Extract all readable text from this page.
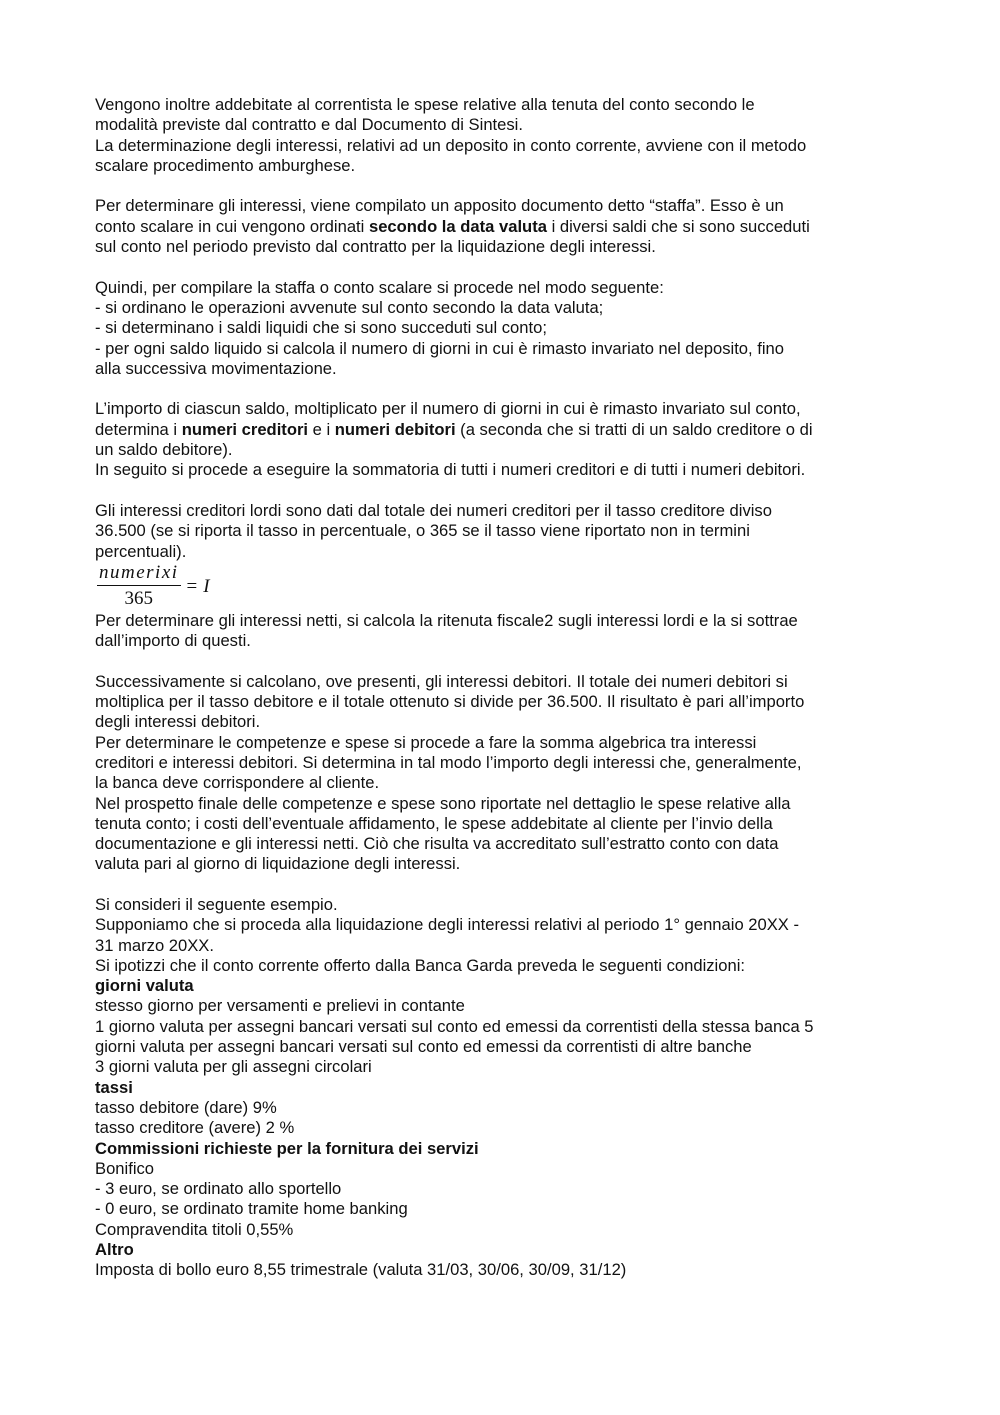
Vengono inoltre addebitate al correntista le spese relative alla tenuta del conto secondo le

modalità previste dal contratto e dal Documento di Sintesi.

La determinazione degli interessi, relativi ad un deposito in conto corrente, avviene con il metodo

scalare procedimento amburghese.

Per determinare gli interessi, viene compilato un apposito documento detto “staffa”. Esso è un

conto scalare in cui vengono ordinati secondo la data valuta i diversi saldi che si sono succeduti

sul conto nel periodo previsto dal contratto per la liquidazione degli interessi.

Quindi, per compilare la staffa o conto scalare si procede nel modo seguente:

- si ordinano le operazioni avvenute sul conto secondo la data valuta;

- si determinano i saldi liquidi che si sono succeduti sul conto;

- per ogni saldo liquido si calcola il numero di giorni in cui è rimasto invariato nel deposito, fino

alla successiva movimentazione.

L’importo di ciascun saldo, moltiplicato per il numero di giorni in cui è rimasto invariato sul conto,

determina i numeri creditori e i numeri debitori (a seconda che si tratti di un saldo creditore o di

un saldo debitore).

In seguito si procede a eseguire la sommatoria di tutti i numeri creditori e di tutti i numeri debitori.

Gli interessi creditori lordi sono dati dal totale dei numeri creditori per il tasso creditore diviso

36.500 (se si riporta il tasso in percentuale, o 365 se il tasso viene riportato non in termini

percentuali).

$\frac{\text{numerixi}}{365} = I$

Per determinare gli interessi netti, si calcola la ritenuta fiscale2 sugli interessi lordi e la si sottrae

dall’importo di questi.

Successivamente si calcolano, ove presenti, gli interessi debitori. Il totale dei numeri debitori si

moltiplica per il tasso debitore e il totale ottenuto si divide per 36.500. Il risultato è pari all’importo

degli interessi debitori.

Per determinare le competenze e spese si procede a fare la somma algebrica tra interessi

creditori e interessi debitori. Si determina in tal modo l’importo degli interessi che, generalmente,

la banca deve corrispondere al cliente.

Nel prospetto finale delle competenze e spese sono riportate nel dettaglio le spese relative alla

tenuta conto; i costi dell’eventuale affidamento, le spese addebitate al cliente per l’invio della

documentazione e gli interessi netti. Ciò che risulta va accreditato sull’estratto conto con data

valuta pari al giorno di liquidazione degli interessi.

Si consideri il seguente esempio.

Supponiamo che si proceda alla liquidazione degli interessi relativi al periodo 1° gennaio 20XX -

31 marzo 20XX.

Si ipotizzi che il conto corrente offerto dalla Banca Garda preveda le seguenti condizioni:

giorni valuta

stesso giorno per versamenti e prelievi in contante

1 giorno valuta per assegni bancari versati sul conto ed emessi da correntisti della stessa banca 5

giorni valuta per assegni bancari versati sul conto ed emessi da correntisti di altre banche

3 giorni valuta per gli assegni circolari

tassi

tasso debitore (dare) 9%

tasso creditore (avere) 2 %

Commissioni richieste per la fornitura dei servizi

Bonifico

- 3 euro, se ordinato allo sportello

- 0 euro, se ordinato tramite home banking

Compravendita titoli 0,55%

Altro

Imposta di bollo euro 8,55 trimestrale (valuta 31/03, 30/06, 30/09, 31/12)
